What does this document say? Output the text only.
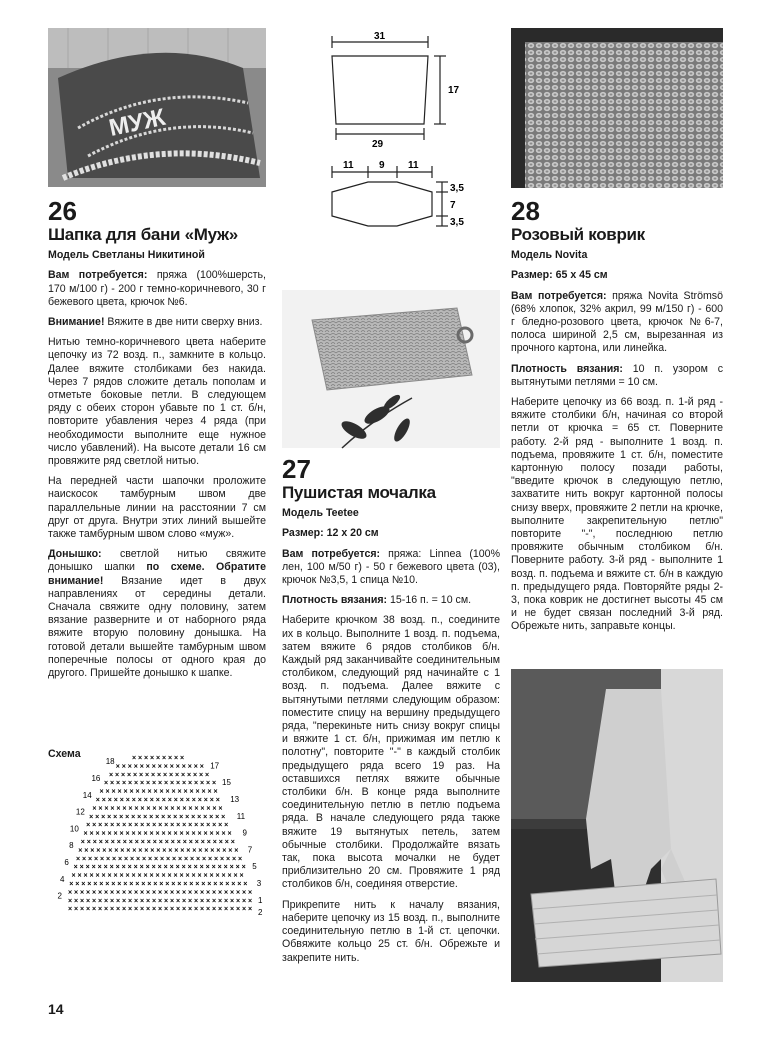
МУЖ
31
17
29
11	9 11
3,5
7
3,5
26
Шапка для бани «Муж»

Модель Светланы Никитиной

Вам потребуется: пряжа (100%шерсть, 170 м/100 г) - 200 г темно-коричневого, 30 г бежевого цвета, крючок №6.

Внимание! Вяжите в две нити сверху вниз.

Нитью темно-коричневого цвета наберите цепочку из 72 возд. п., замкните в кольцо. Далее вяжите столбиками без накида. Через 7 рядов сложите деталь пополам и отметьте боковые петли. В следующем ряду с обеих сторон убавьте по 1 ст. б/н, повторите убавления через 4 ряда (при необходимости выполните еще нужное число убавлений). На высоте детали 16 см провяжите ряд светлой нитью.

На передней части шапочки проложите наискосок тамбурным швом две параллельные линии на расстоянии 7 см друг от друга. Внутри этих линий вышейте также тамбурным швом слово «муж».

Донышко: светлой нитью свяжите донышко шапки по схеме. Обратите внимание! Вязание идет в двух направлениях от середины детали. Сначала свяжите одну половину, затем вязание разверните и от наборного ряда вяжите вторую половину донышка. На готовой детали вышейте тамбурным швом поперечные полосы от одного края до другого. Пришейте донышко к шапке.

Схема	× × × × × × × × ×
× × × × × × × × × × × × × × ×
× × × × × × × × × × × × × × × × ×
× × × × × × × × × × × × × × × × × × ×
× × × × × × × × × × × × × × × × × × × ×
× × × × × × × × × × × × × × × × × × × × ×
× × × × × × × × × × × × × × × × × × × × × ×
× × × × × × × × × × × × × × × × × × × × × × ×
× × × × × × × × × × × × × × × × × × × × × × × ×
× × × × × × × × × × × × × × × × × × × × × × × × ×
× × × × × × × × × × × × × × × × × × × × × × × × × ×
× × × × × × × × × × × × × × × × × × × × × × × × × × ×
× × × × × × × × × × × × × × × × × × × × × × × × × × × ×
× × × × × × × × × × × × × × × × × × × × × × × × × × × × ×
× × × × × × × × × × × × × × × × × × × × × × × × × × × × ×
× × × × × × × × × × × × × × × × × × × × × × × × × × × × × ×
× × × × × × × × × × × × × × × × × × × × × × × × × × × × × × ×
× × × × × × × × × × × × × × × × × × × × × × × × × × × × × × ×
× × × × × × × × × × × × × × × × × × × × × × × × × × × × × × ×
18
16
14
12
10
8
6
4
2
17
15
13
11
9
7
5
3
1
2
27
Пушистая мочалка

Модель Teetee

Размер: 12 х 20 см

Вам потребуется: пряжа: Linnea (100% лен, 100 м/50 г) - 50 г бежевого цвета (03), крючок №3,5, 1 спица №10.

Плотность вязания: 15-16 п. = 10 см.

Наберите крючком 38 возд. п., соедините их в кольцо. Выполните 1 возд. п. подъема, затем вяжите 6 рядов столбиков б/н. Каждый ряд заканчивайте соединительным столбиком, следующий ряд начинайте с 1 возд. п. подъема. Далее вяжите с вытянутыми петлями следующим образом: поместите спицу на вершину предыдущего ряда, "перекиньте нить снизу вокруг спицы и вяжите 1 ст. б/н, прижимая им петлю к полотну", повторите "-" в каждый столбик предыдущего ряда всего 19 раз. На оставшихся петлях вяжите обычные столбики б/н. В конце ряда выполните соединительную петлю в петлю подъема ряда. В начале следующего ряда также вяжите 19 вытянутых петель, затем обычные столбики. Продолжайте вязать так, пока высота мочалки не будет приблизительно 20 см. Провяжите 1 ряд столбиков б/н, соединяя отверстие.

Прикрепите нить к началу вязания, наберите цепочку из 15 возд. п., выполните соединительную петлю в 1-й ст. цепочки. Обвяжите кольцо 25 ст. б/н. Обрежьте и закрепите нить.

28
Розовый коврик

Модель Novita

Размер: 65 х 45 см

Вам потребуется: пряжа Novita Strömsö (68% хлопок, 32% акрил, 99 м/150 г) - 600 г бледно-розового цвета, крючок №6-7, полоса шириной 2,5 см, вырезанная из прочного картона, или линейка.

Плотность вязания: 10 п. узором с вытянутыми петлями = 10 см.

Наберите цепочку из 66 возд. п. 1-й ряд - вяжите столбики б/н, начиная со второй петли от крючка = 65 ст. Поверните работу. 2-й ряд - выполните 1 возд. п. подъема, провяжите 1 ст. б/н, поместите картонную полосу позади работы, "введите крючок в следующую петлю, захватите нить вокруг картонной полосы снизу вверх, провяжите 2 петли на крючке, выполните закрепительную петлю" повторите "-", последнюю петлю провяжите обычным столбиком б/н. Поверните работу. 3-й ряд - выполните 1 возд. п. подъема и вяжите ст. б/н в каждую п. предыдущего ряда. Повторяйте ряды 2-3, пока коврик не достигнет высоты 45 см и не будет связан последний 3-й ряд. Обрежьте нить, заправьте концы.

14
